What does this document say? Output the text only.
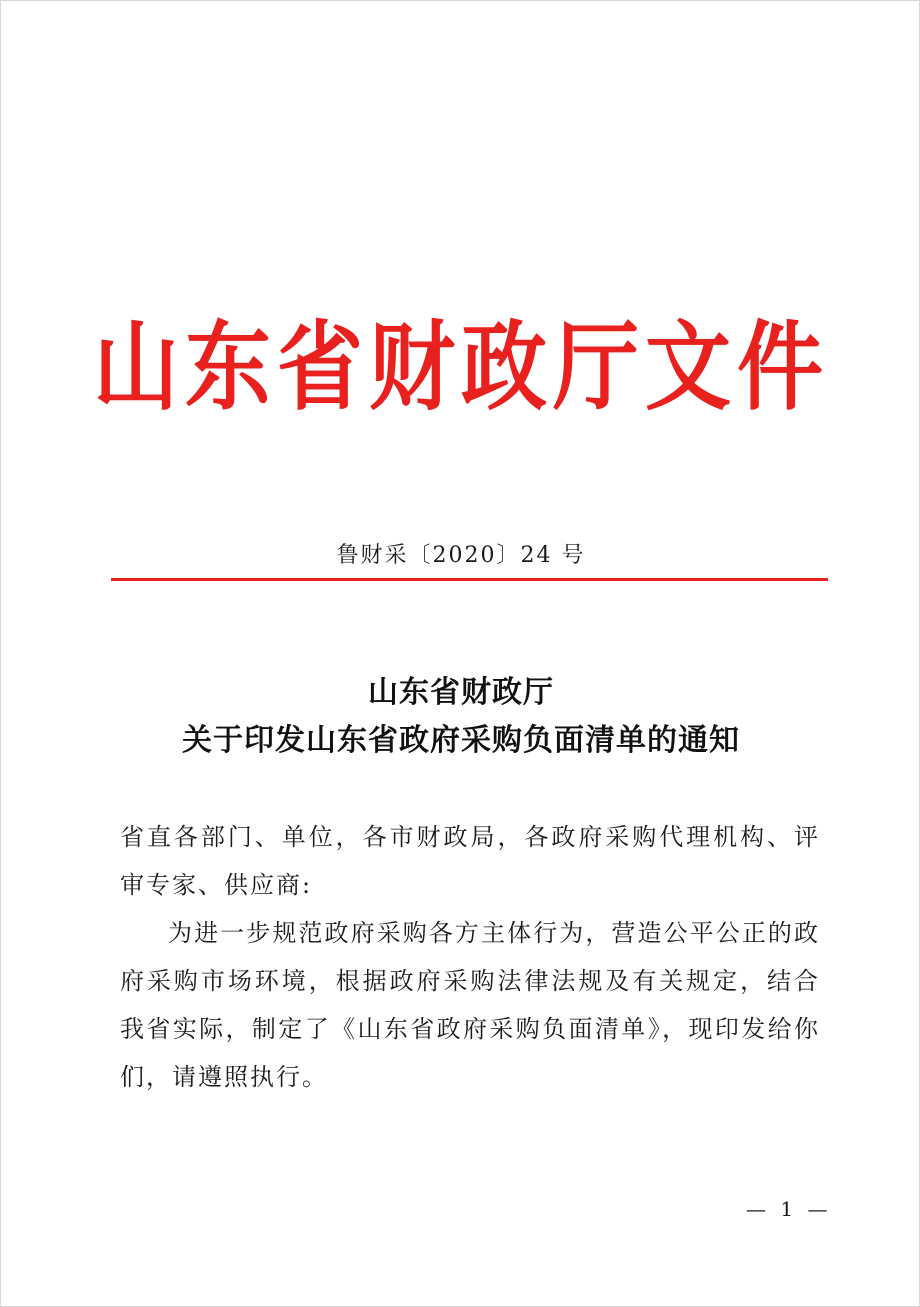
山东省财政厅文件
鲁财采〔2020〕24 号
山东省财政厅
关于印发山东省政府采购负面清单的通知

省直各部门、单位，各市财政局，各政府采购代理机构、评审专家、供应商:

为进一步规范政府采购各方主体行为，营造公平公正的政府采购市场环境，根据政府采购法律法规及有关规定，结合我省实际，制定了《山东省政府采购负面清单》，现印发给你们，请遵照执行。

— 1 —
